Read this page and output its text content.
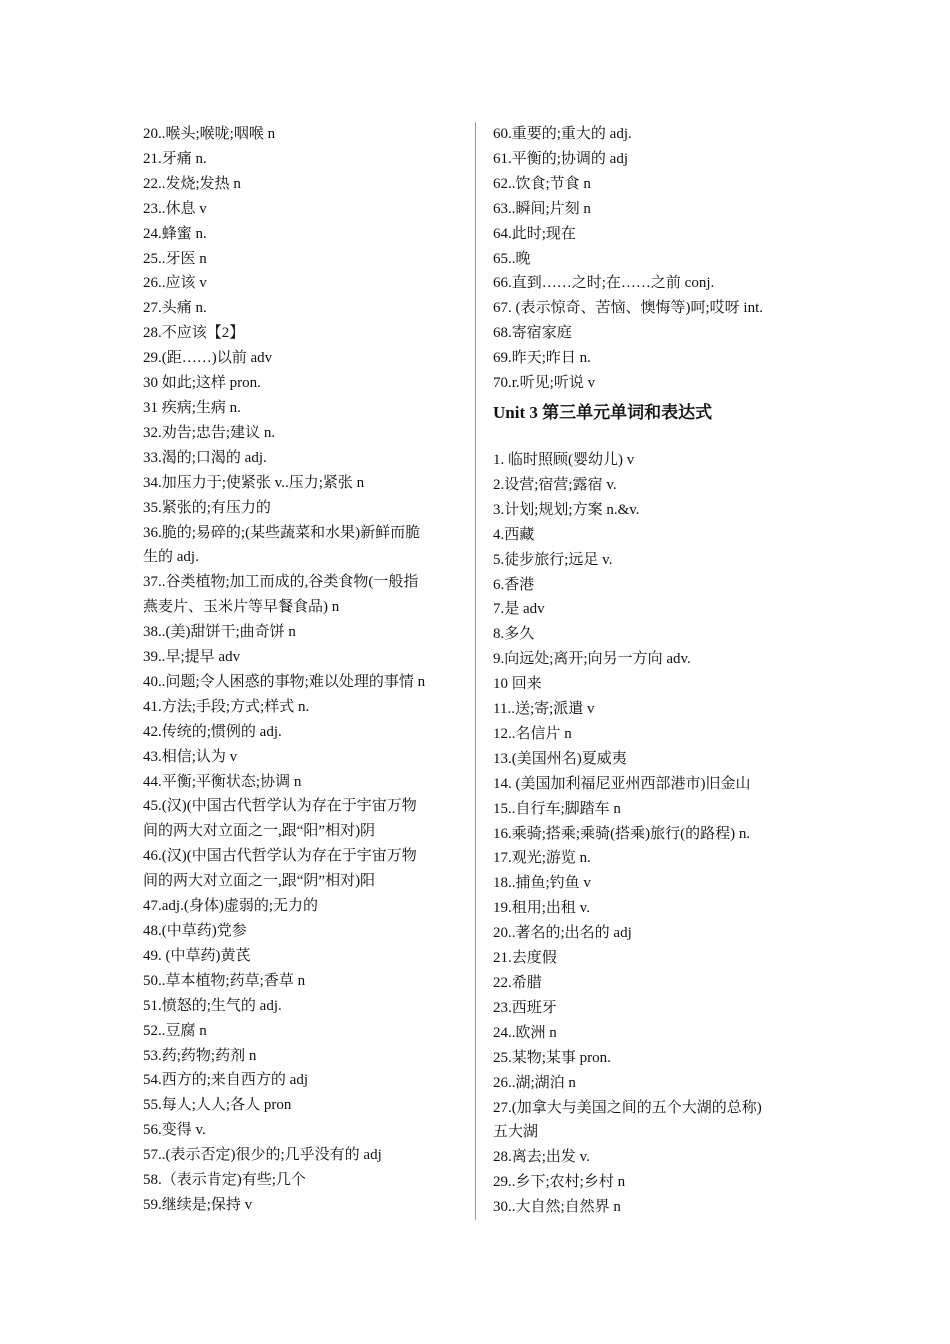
20..喉头;喉咙;咽喉 n
21.牙痛 n.
22..发烧;发热 n
23..休息 v
24.蜂蜜 n.
25..牙医 n
26..应该 v
27.头痛 n.
28.不应该【2】
29.(距……)以前 adv
30 如此;这样 pron.
31 疾病;生病 n.
32.劝告;忠告;建议 n.
33.渴的;口渴的 adj.
34.加压力于;使紧张 v..压力;紧张 n
35.紧张的;有压力的
36.脆的;易碎的;(某些蔬菜和水果)新鲜而脆
生的 adj.
37..谷类植物;加工而成的,谷类食物(一般指
燕麦片、玉米片等早餐食品) n
38..(美)甜饼干;曲奇饼 n
39..早;提早 adv
40..问题;令人困惑的事物;难以处理的事情 n
41.方法;手段;方式;样式 n.
42.传统的;惯例的 adj.
43.相信;认为 v
44.平衡;平衡状态;协调 n
45.(汉)(中国古代哲学认为存在于宇宙万物
间的两大对立面之一,跟“阳”相对)阴
46.(汉)(中国古代哲学认为存在于宇宙万物
间的两大对立面之一,跟“阴”相对)阳
47.adj.(身体)虚弱的;无力的
48.(中草药)党参
49. (中草药)黄芪
50..草本植物;药草;香草 n
51.愤怒的;生气的 adj.
52..豆腐 n
53.药;药物;药剂 n
54.西方的;来自西方的 adj
55.每人;人人;各人 pron
56.变得 v.
57..(表示否定)很少的;几乎没有的 adj
58.（表示肯定)有些;几个
59.继续是;保持 v
60.重要的;重大的 adj.
61.平衡的;协调的 adj
62..饮食;节食 n
63..瞬间;片刻 n
64.此时;现在
65..晚
66.直到……之时;在……之前 conj.
67. (表示惊奇、苦恼、懊悔等)呵;哎呀 int.
68.寄宿家庭
69.昨天;昨日 n.
70.r.听见;听说 v
Unit 3 第三单元单词和表达式
1. 临时照顾(婴幼儿) v
2.设营;宿营;露宿 v.
3.计划;规划;方案 n.&v.
4.西藏
5.徒步旅行;远足 v.
6.香港
7.是 adv
8.多久
9.向远处;离开;向另一方向 adv.
10 回来
11..送;寄;派遣 v
12..名信片 n
13.(美国州名)夏威夷
14. (美国加利福尼亚州西部港市)旧金山
15..自行车;脚踏车 n
16.乘骑;搭乘;乘骑(搭乘)旅行(的路程) n.
17.观光;游览 n.
18..捕鱼;钓鱼 v
19.租用;出租 v.
20..著名的;出名的 adj
21.去度假
22.希腊
23.西班牙
24..欧洲 n
25.某物;某事 pron.
26..湖;湖泊 n
27.(加拿大与美国之间的五个大湖的总称)
五大湖
28.离去;出发 v.
29..乡下;农村;乡村 n
30..大自然;自然界 n
